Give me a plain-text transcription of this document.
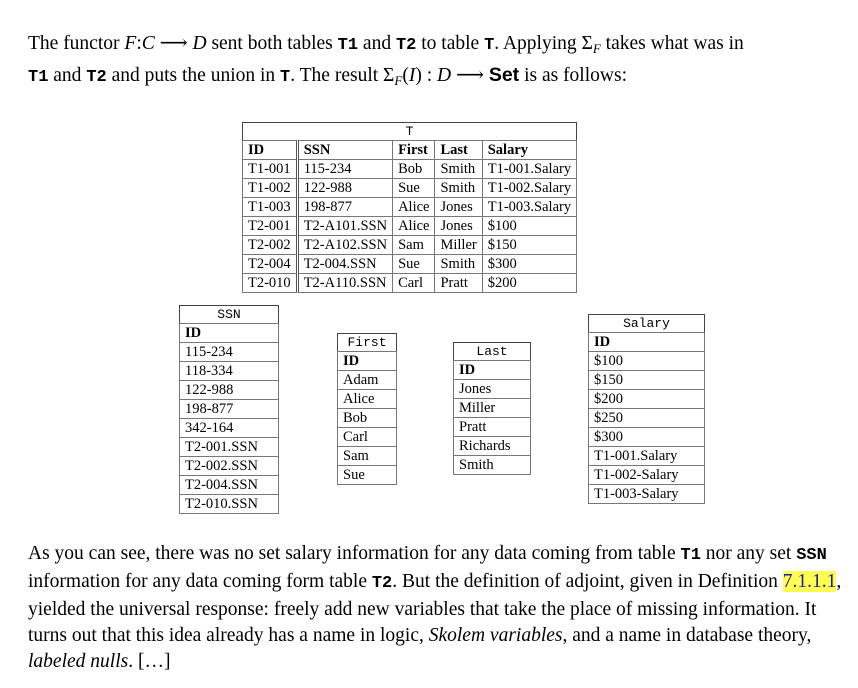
The functor F:C ⟶ D sent both tables T1 and T2 to table T. Applying $\Sigma_F$ takes what was in
T1 and T2 and puts the union in T. The result $\Sigma_F(I)$ : D ⟶ Set is as follows:
T
ID	SSN	First	Last	Salary
T1-001	115-234	Bob	Smith	T1-001.Salary
T1-002	122-988	Sue	Smith	T1-002.Salary
T1-003	198-877	Alice	Jones	T1-003.Salary
T2-001	T2-A101.SSN	Alice	Jones	$100
T2-002	T2-A102.SSN	Sam	Miller	$150
T2-004	T2-004.SSN	Sue	Smith	$300
T2-010	T2-A110.SSN	Carl	Pratt	$200
SSN
ID
115-234
118-334
122-988
198-877
342-164
T2-001.SSN
T2-002.SSN
T2-004.SSN
T2-010.SSN
First
ID
Adam
Alice
Bob
Carl
Sam
Sue
Last
ID
Jones
Miller
Pratt
Richards
Smith
Salary
ID
$100
$150
$200
$250
$300
T1-001.Salary
T1-002-Salary
T1-003-Salary
As you can see, there was no set salary information for any data coming from table T1 nor any set SSN information for any data coming form table T2. But the definition of adjoint, given in Definition 7.1.1.1, yielded the universal response: freely add new variables that take the place of missing information. It turns out that this idea already has a name in logic, Skolem variables, and a name in database theory, labeled nulls. […]
